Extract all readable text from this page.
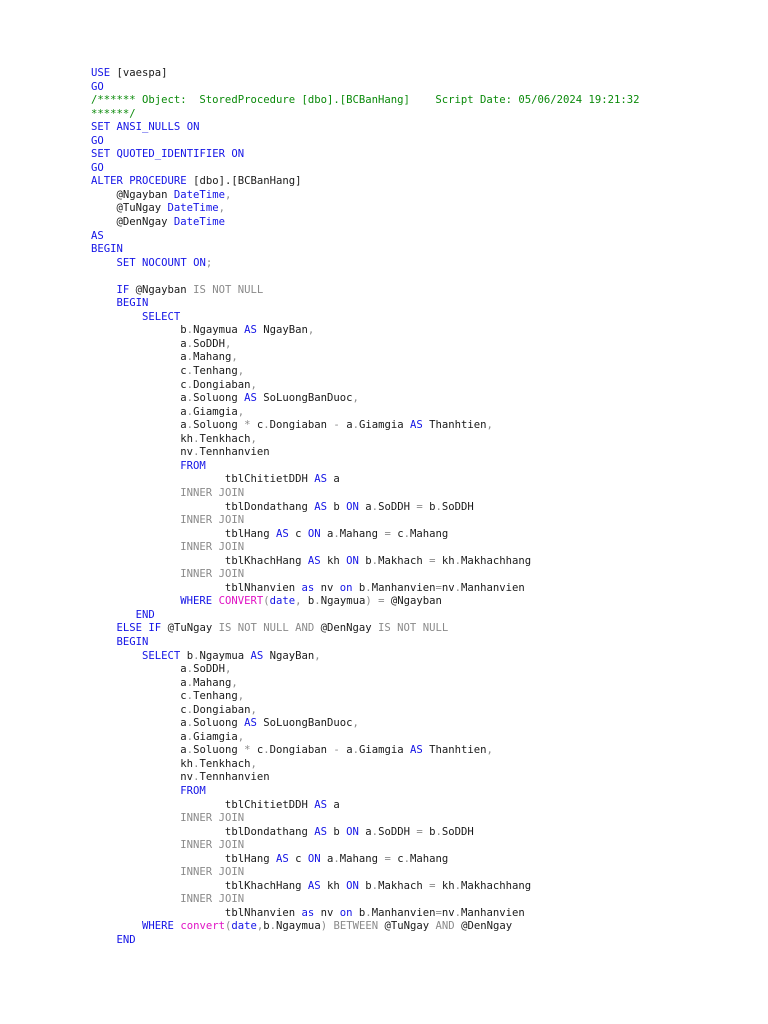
USE [vaespa]
GO
/****** Object:  StoredProcedure [dbo].[BCBanHang]    Script Date: 05/06/2024 19:21:32
******/
SET ANSI_NULLS ON
GO
SET QUOTED_IDENTIFIER ON
GO
ALTER PROCEDURE [dbo].[BCBanHang]
@Ngayban DateTime,
@TuNgay DateTime,
@DenNgay DateTime
AS
BEGIN
SET NOCOUNT ON;
IF @Ngayban IS NOT NULL
BEGIN
SELECT
b.Ngaymua AS NgayBan,
a.SoDDH,
a.Mahang,
c.Tenhang,
c.Dongiaban,
a.Soluong AS SoLuongBanDuoc,
a.Giamgia,
a.Soluong * c.Dongiaban - a.Giamgia AS Thanhtien,
kh.Tenkhach,
nv.Tennhanvien
FROM
tblChitietDDH AS a
INNER JOIN
tblDondathang AS b ON a.SoDDH = b.SoDDH
INNER JOIN
tblHang AS c ON a.Mahang = c.Mahang
INNER JOIN
tblKhachHang AS kh ON b.Makhach = kh.Makhachhang
INNER JOIN
tblNhanvien as nv on b.Manhanvien=nv.Manhanvien
WHERE CONVERT(date, b.Ngaymua) = @Ngayban
END
ELSE IF @TuNgay IS NOT NULL AND @DenNgay IS NOT NULL
BEGIN
SELECT b.Ngaymua AS NgayBan,
a.SoDDH,
a.Mahang,
c.Tenhang,
c.Dongiaban,
a.Soluong AS SoLuongBanDuoc,
a.Giamgia,
a.Soluong * c.Dongiaban - a.Giamgia AS Thanhtien,
kh.Tenkhach,
nv.Tennhanvien
FROM
tblChitietDDH AS a
INNER JOIN
tblDondathang AS b ON a.SoDDH = b.SoDDH
INNER JOIN
tblHang AS c ON a.Mahang = c.Mahang
INNER JOIN
tblKhachHang AS kh ON b.Makhach = kh.Makhachhang
INNER JOIN
tblNhanvien as nv on b.Manhanvien=nv.Manhanvien
WHERE convert(date,b.Ngaymua) BETWEEN @TuNgay AND @DenNgay
END
